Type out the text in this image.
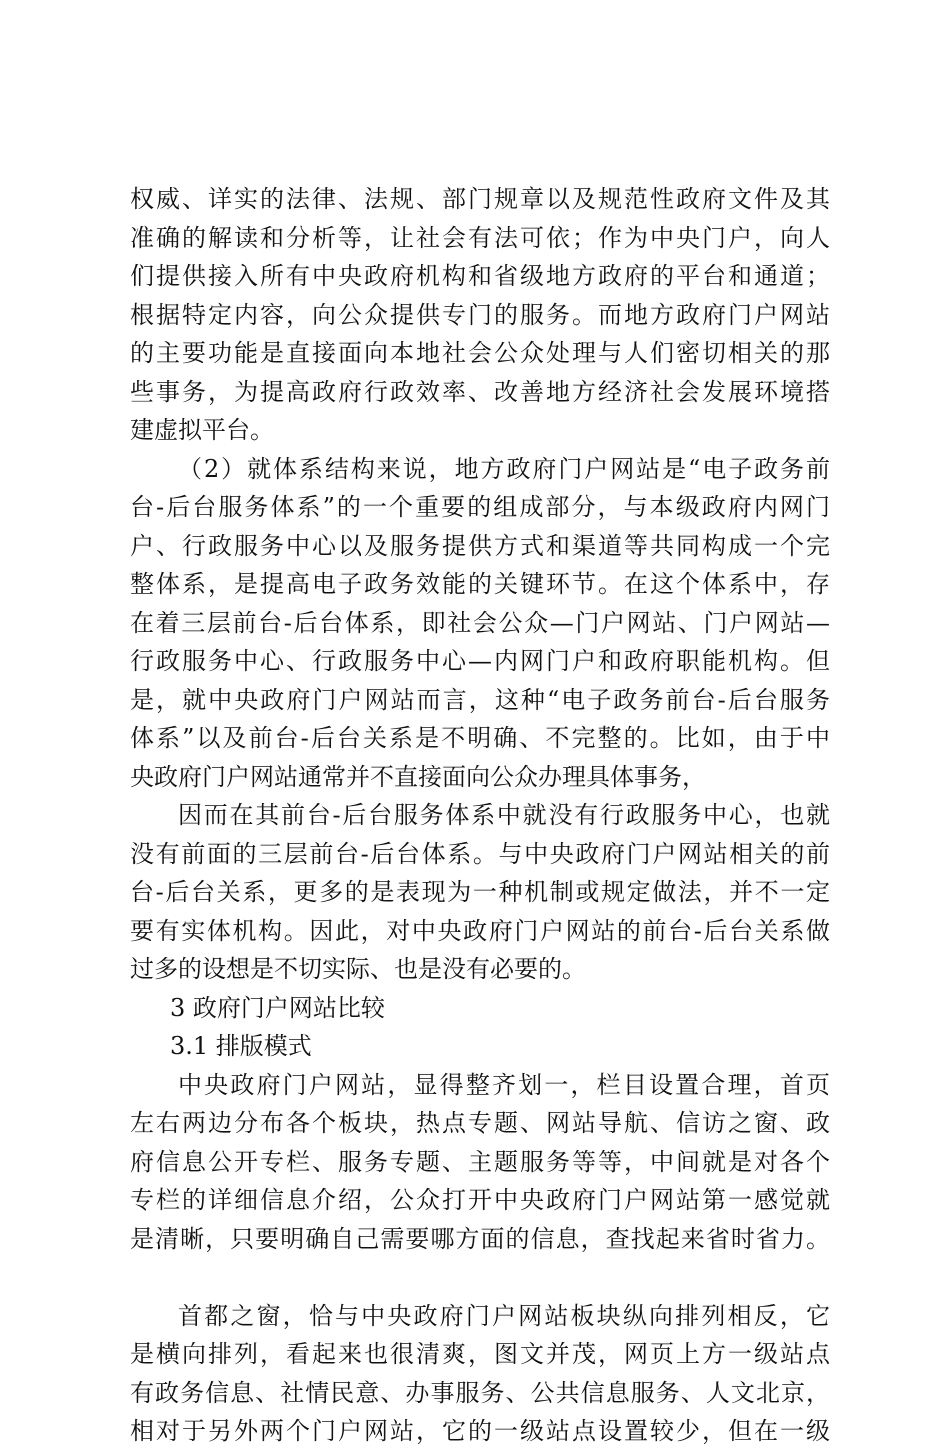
权威、详实的法律、法规、部门规章以及规范性政府文件及其
准确的解读和分析等，让社会有法可依；作为中央门户，向人
们提供接入所有中央政府机构和省级地方政府的平台和通道；
根据特定内容，向公众提供专门的服务。而地方政府门户网站
的主要功能是直接面向本地社会公众处理与人们密切相关的那
些事务，为提高政府行政效率、改善地方经济社会发展环境搭
建虚拟平台。
（2）就体系结构来说，地方政府门户网站是“电子政务前
台-后台服务体系”的一个重要的组成部分，与本级政府内网门
户、行政服务中心以及服务提供方式和渠道等共同构成一个完
整体系，是提高电子政务效能的关键环节。在这个体系中，存
在着三层前台-后台体系，即社会公众—门户网站、门户网站—
行政服务中心、行政服务中心—内网门户和政府职能机构。但
是，就中央政府门户网站而言，这种“电子政务前台-后台服务
体系”以及前台-后台关系是不明确、不完整的。比如，由于中
央政府门户网站通常并不直接面向公众办理具体事务，
因而在其前台-后台服务体系中就没有行政服务中心，也就
没有前面的三层前台-后台体系。与中央政府门户网站相关的前
台-后台关系，更多的是表现为一种机制或规定做法，并不一定
要有实体机构。因此，对中央政府门户网站的前台-后台关系做
过多的设想是不切实际、也是没有必要的。
3 政府门户网站比较
3.1 排版模式
中央政府门户网站，显得整齐划一，栏目设置合理，首页
左右两边分布各个板块，热点专题、网站导航、信访之窗、政
府信息公开专栏、服务专题、主题服务等等，中间就是对各个
专栏的详细信息介绍，公众打开中央政府门户网站第一感觉就
是清晰，只要明确自己需要哪方面的信息，查找起来省时省力。
首都之窗，恰与中央政府门户网站板块纵向排列相反，它
是横向排列，看起来也很清爽，图文并茂，网页上方一级站点
有政务信息、社情民意、办事服务、公共信息服务、人文北京，
相对于另外两个门户网站，它的一级站点设置较少，但在一级
